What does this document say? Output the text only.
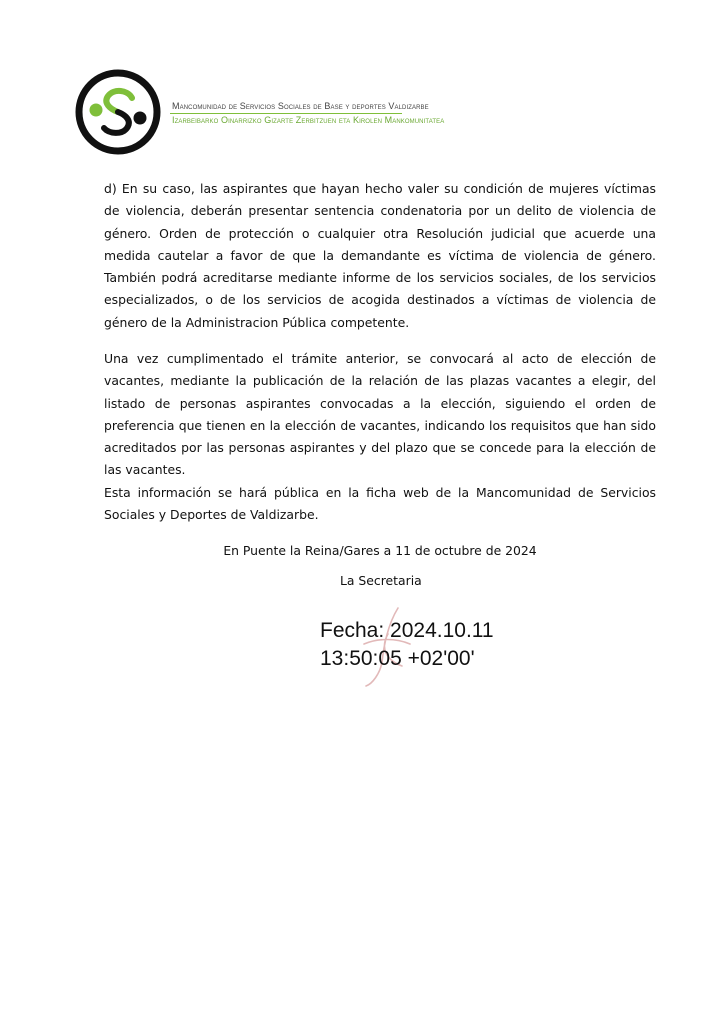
Mancomunidad de Servicios Sociales de Base y deportes Valdizarbe
Izarbeibarko Oinarrizko Gizarte Zerbitzuen eta Kirolen Mankomunitatea

d) En su caso, las aspirantes que hayan hecho valer su condición de mujeres víctimas de violencia, deberán presentar sentencia condenatoria por un delito de violencia de género. Orden de protección o cualquier otra Resolución judicial que acuerde una medida cautelar a favor de que la demandante es víctima de violencia de género. También podrá acreditarse mediante informe de los servicios sociales, de los servicios especializados, o de los servicios de acogida destinados a víctimas de violencia de género de la Administracion Pública competente.

Una vez cumplimentado el trámite anterior, se convocará al acto de elección de vacantes, mediante la publicación de la relación de las plazas vacantes a elegir, del listado de personas aspirantes convocadas a la elección, siguiendo el orden de preferencia que tienen en la elección de vacantes, indicando los requisitos que han sido acreditados por las personas aspirantes y del plazo que se concede para la elección de las vacantes.

Esta información se hará pública en la ficha web de la Mancomunidad de Servicios Sociales y Deportes de Valdizarbe.

En Puente la Reina/Gares a 11 de octubre de 2024
La Secretaria
Fecha: 2024.10.11
13:50:05 +02'00'
